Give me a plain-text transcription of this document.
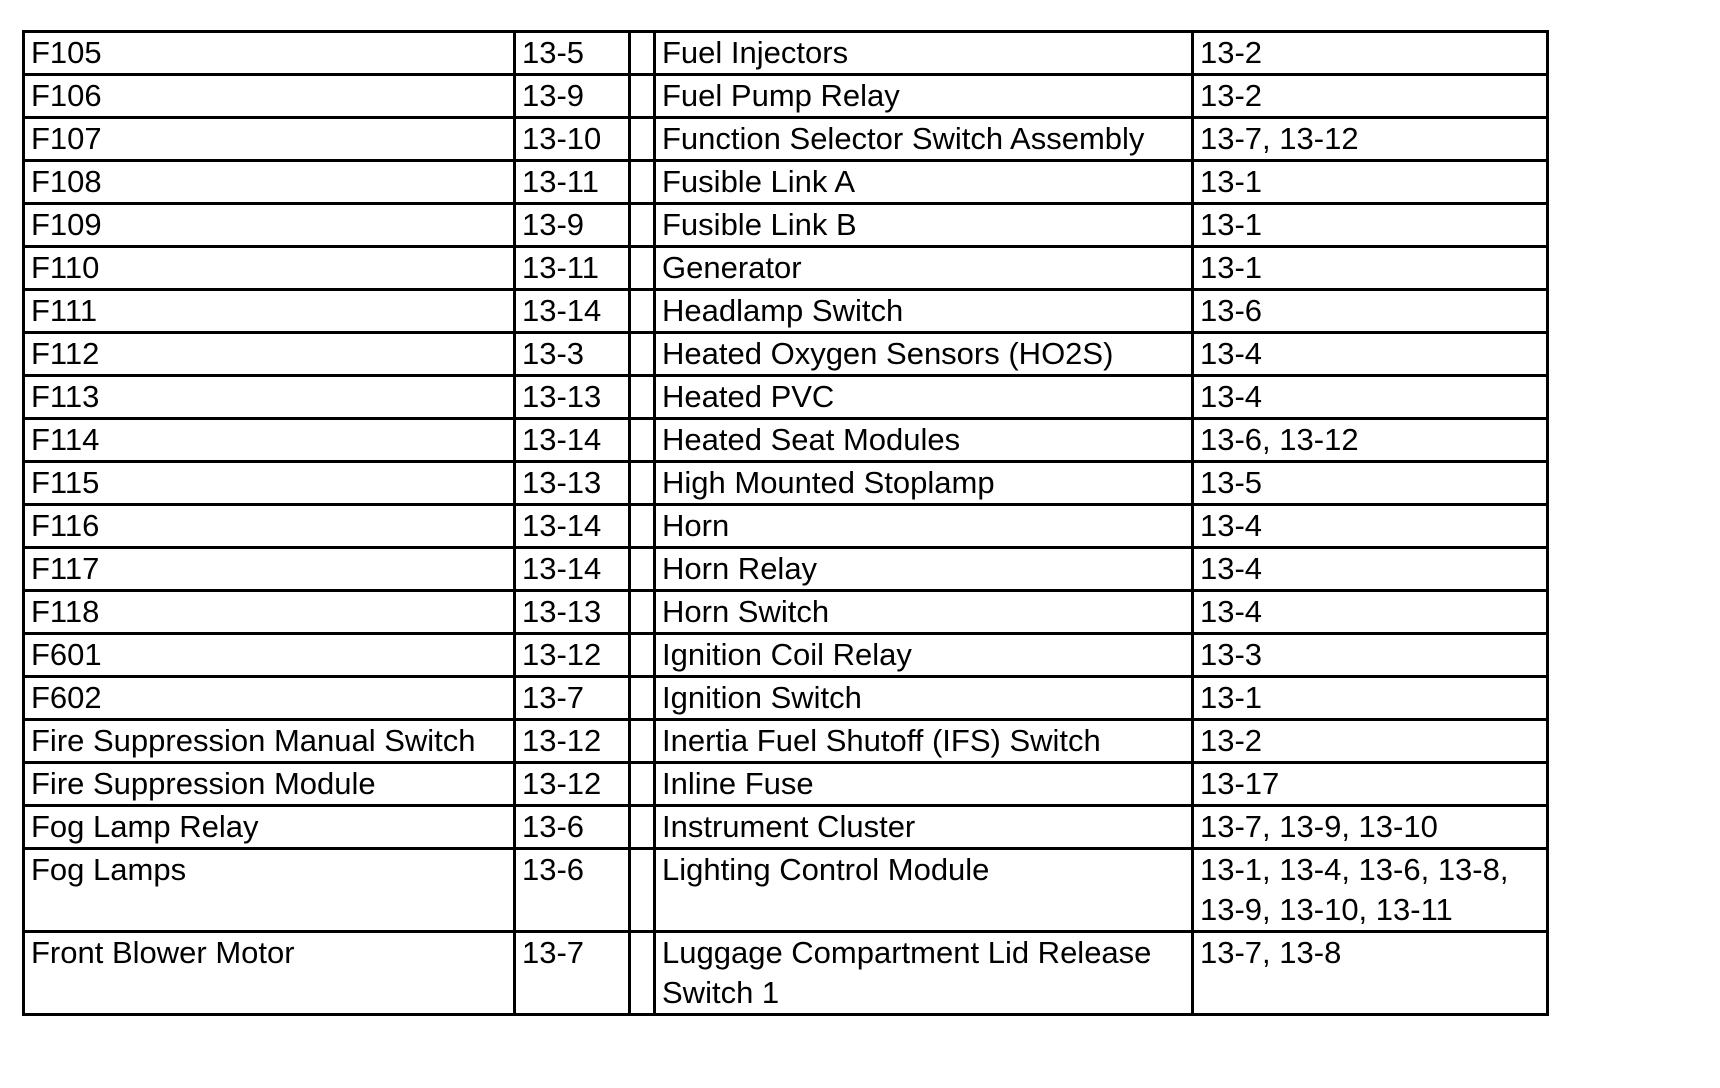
F105	13-5		Fuel Injectors	13-2
F106	13-9		Fuel Pump Relay	13-2
F107	13-10		Function Selector Switch Assembly	13-7, 13-12
F108	13-11		Fusible Link A	13-1
F109	13-9		Fusible Link B	13-1
F110	13-11		Generator	13-1
F111	13-14		Headlamp Switch	13-6
F112	13-3		Heated Oxygen Sensors (HO2S)	13-4
F113	13-13		Heated PVC	13-4
F114	13-14		Heated Seat Modules	13-6, 13-12
F115	13-13		High Mounted Stoplamp	13-5
F116	13-14		Horn	13-4
F117	13-14		Horn Relay	13-4
F118	13-13		Horn Switch	13-4
F601	13-12		Ignition Coil Relay	13-3
F602	13-7		Ignition Switch	13-1
Fire Suppression Manual Switch	13-12		Inertia Fuel Shutoff (IFS) Switch	13-2
Fire Suppression Module	13-12		Inline Fuse	13-17
Fog Lamp Relay	13-6		Instrument Cluster	13-7, 13-9, 13-10
Fog Lamps	13-6		Lighting Control Module	13-1, 13-4, 13-6, 13-8, 13-9, 13-10, 13-11
Front Blower Motor	13-7		Luggage Compartment Lid Release Switch 1	13-7, 13-8
